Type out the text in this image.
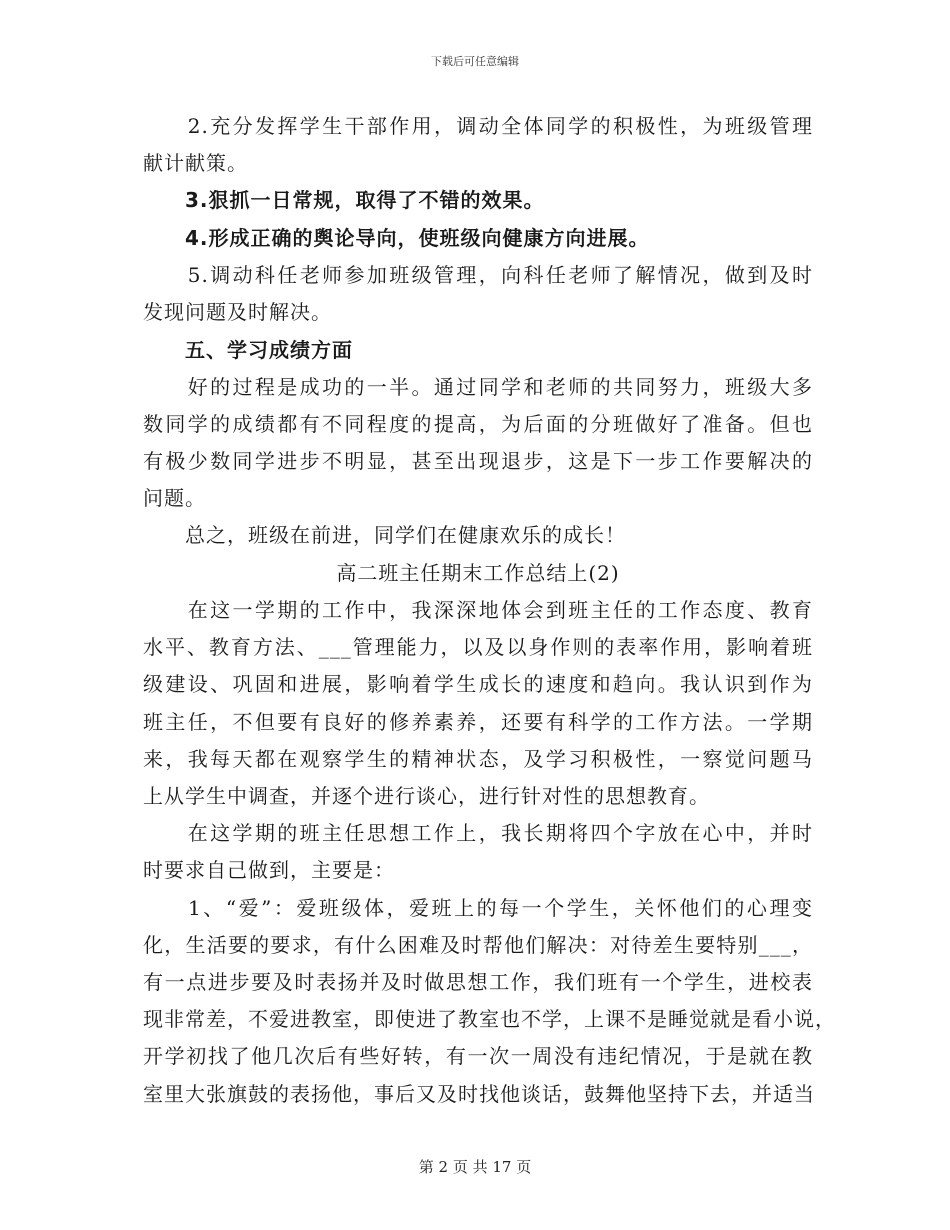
下载后可任意编辑
　　2.充分发挥学生干部作用，调动全体同学的积极性，为班级管理
献计献策。
　　3.狠抓一日常规，取得了不错的效果。
　　4.形成正确的舆论导向，使班级向健康方向进展。
　　5.调动科任老师参加班级管理，向科任老师了解情况，做到及时
发现问题及时解决。
　　五、学习成绩方面
　　好的过程是成功的一半。通过同学和老师的共同努力，班级大多
数同学的成绩都有不同程度的提高，为后面的分班做好了准备。但也
有极少数同学进步不明显，甚至出现退步，这是下一步工作要解决的
问题。
　　总之，班级在前进，同学们在健康欢乐的成长！
高二班主任期末工作总结上(2)
　　在这一学期的工作中，我深深地体会到班主任的工作态度、教育
水平、教育方法、___管理能力，以及以身作则的表率作用，影响着班
级建设、巩固和进展，影响着学生成长的速度和趋向。我认识到作为
班主任，不但要有良好的修养素养，还要有科学的工作方法。一学期
来，我每天都在观察学生的精神状态，及学习积极性，一察觉问题马
上从学生中调查，并逐个进行谈心，进行针对性的思想教育。
　　在这学期的班主任思想工作上，我长期将四个字放在心中，并时
时要求自己做到，主要是：
　　1、“爱”：爱班级体，爱班上的每一个学生，关怀他们的心理变
化，生活要的要求，有什么困难及时帮他们解决：对待差生要特别___，
有一点进步要及时表扬并及时做思想工作，我们班有一个学生，进校表
现非常差，不爱进教室，即使进了教室也不学，上课不是睡觉就是看小说，
开学初找了他几次后有些好转，有一次一周没有违纪情况，于是就在教
室里大张旗鼓的表扬他，事后又及时找他谈话，鼓舞他坚持下去，并适当
第 2 页 共 17 页
